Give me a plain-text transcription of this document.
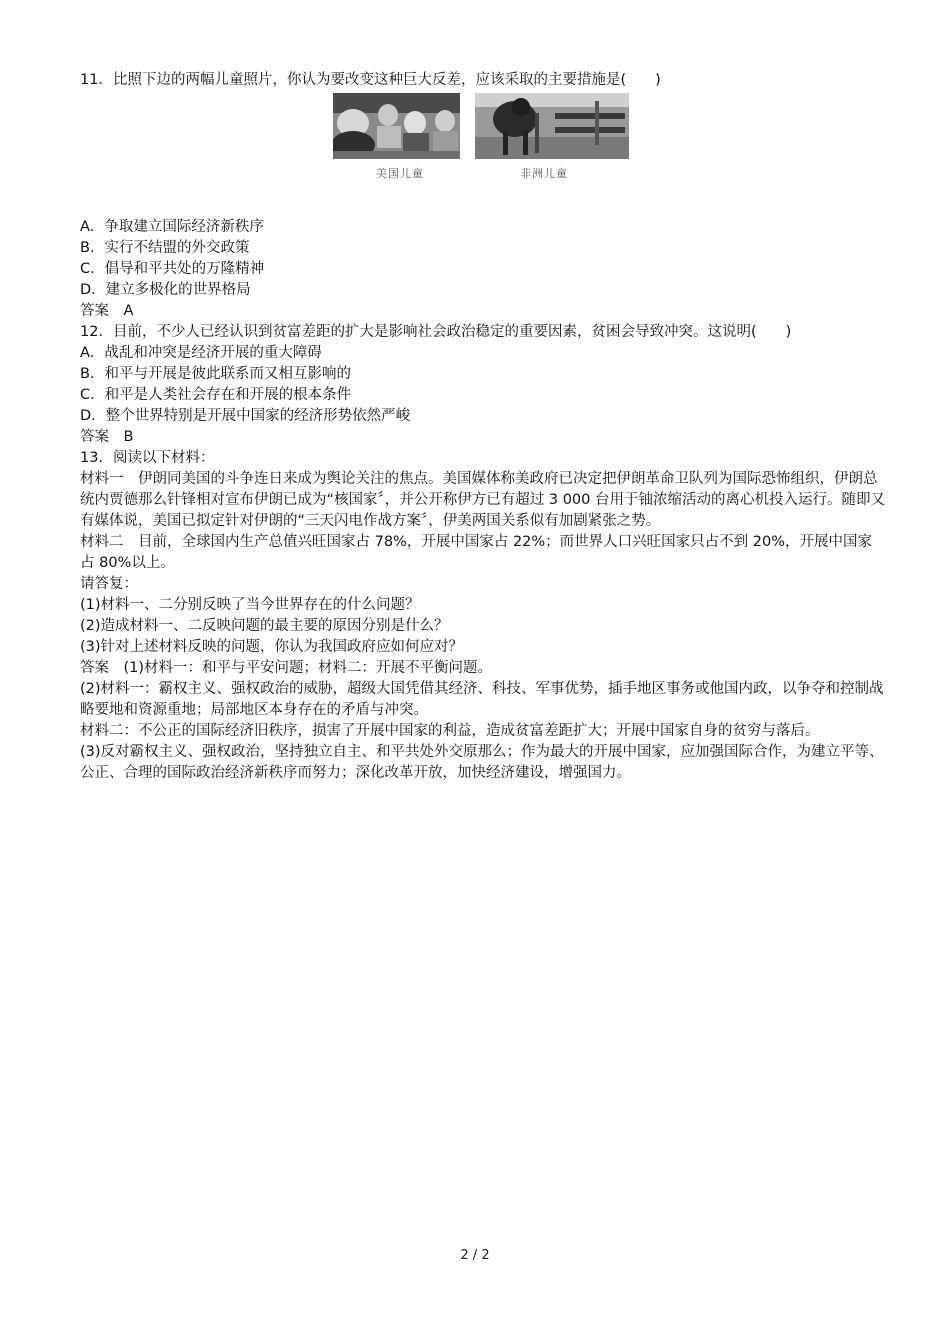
11．比照下边的两幅儿童照片，你认为要改变这种巨大反差，应该采取的主要措施是(　　)

美国儿童	非洲儿童

A．争取建立国际经济新秩序

B．实行不结盟的外交政策

C．倡导和平共处的万隆精神

D．建立多极化的世界格局

答案　A

12．目前，不少人已经认识到贫富差距的扩大是影响社会政治稳定的重要因素，贫困会导致冲突。这说明(　　)

A．战乱和冲突是经济开展的重大障碍

B．和平与开展是彼此联系而又相互影响的

C．和平是人类社会存在和开展的根本条件

D．整个世界特别是开展中国家的经济形势依然严峻

答案　B

13．阅读以下材料：

材料一　伊朗同美国的斗争连日来成为舆论关注的焦点。美国媒体称美政府已决定把伊朗革命卫队列为国际恐怖组织，伊朗总统内贾德那么针锋相对宣布伊朗已成为“核国家〞，并公开称伊方已有超过 3 000 台用于铀浓缩活动的离心机投入运行。随即又有媒体说，美国已拟定针对伊朗的“三天闪电作战方案〞，伊美两国关系似有加剧紧张之势。

材料二　目前，全球国内生产总值兴旺国家占 78%，开展中国家占 22%；而世界人口兴旺国家只占不到 20%，开展中国家占 80%以上。

请答复：

(1)材料一、二分别反映了当今世界存在的什么问题？

(2)造成材料一、二反映问题的最主要的原因分别是什么？

(3)针对上述材料反映的问题，你认为我国政府应如何应对？

答案　(1)材料一：和平与平安问题；材料二：开展不平衡问题。

(2)材料一：霸权主义、强权政治的威胁，超级大国凭借其经济、科技、军事优势，插手地区事务或他国内政，以争夺和控制战略要地和资源重地；局部地区本身存在的矛盾与冲突。

材料二：不公正的国际经济旧秩序，损害了开展中国家的利益，造成贫富差距扩大；开展中国家自身的贫穷与落后。

(3)反对霸权主义、强权政治，坚持独立自主、和平共处外交原那么；作为最大的开展中国家，应加强国际合作，为建立平等、公正、合理的国际政治经济新秩序而努力；深化改革开放，加快经济建设，增强国力。

2 / 2
